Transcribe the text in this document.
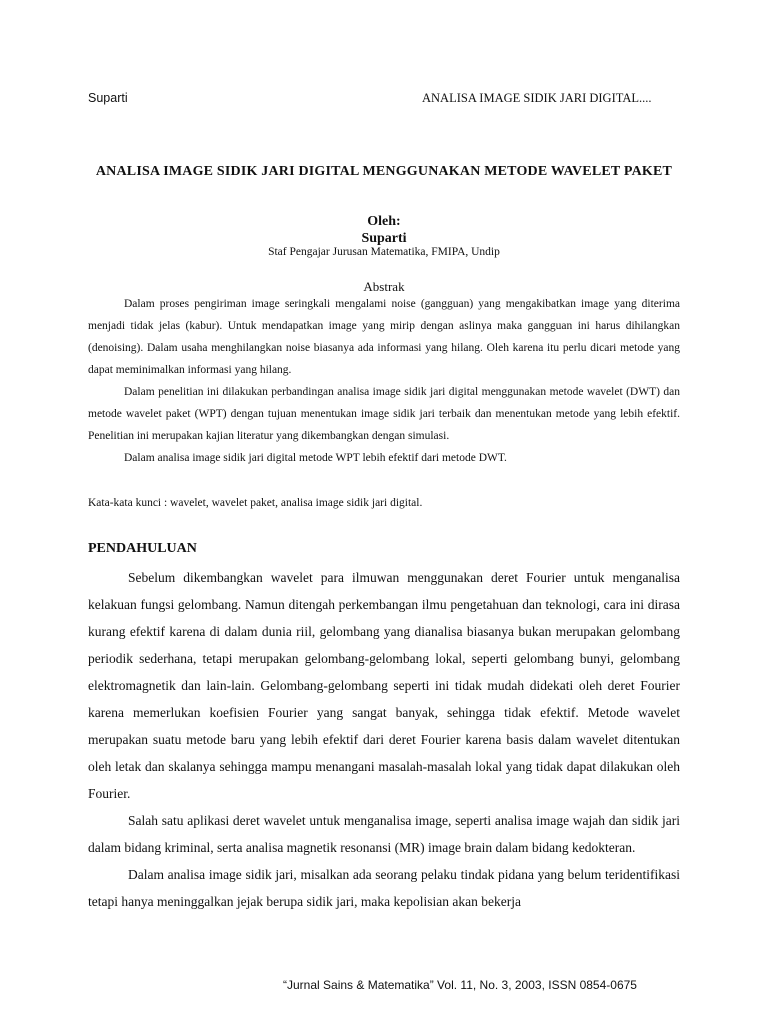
Suparti	ANALISA IMAGE SIDIK JARI DIGITAL....
ANALISA IMAGE SIDIK JARI DIGITAL MENGGUNAKAN METODE WAVELET PAKET
Oleh:
Suparti
Staf Pengajar Jurusan Matematika, FMIPA, Undip
Abstrak

Dalam proses pengiriman image seringkali mengalami noise (gangguan) yang mengakibatkan image yang diterima menjadi tidak jelas (kabur). Untuk mendapatkan image yang mirip dengan aslinya maka gangguan ini harus dihilangkan (denoising). Dalam usaha menghilangkan noise biasanya ada informasi yang hilang. Oleh karena itu perlu dicari metode yang dapat meminimalkan informasi yang hilang.

Dalam penelitian ini dilakukan perbandingan analisa image sidik jari digital menggunakan metode wavelet (DWT) dan metode wavelet paket (WPT) dengan tujuan menentukan image sidik jari terbaik dan menentukan metode yang lebih efektif. Penelitian ini merupakan kajian literatur yang dikembangkan dengan simulasi.

Dalam analisa image sidik jari digital metode WPT lebih efektif dari metode DWT.

Kata-kata kunci : wavelet, wavelet paket, analisa image sidik jari digital.
PENDAHULUAN

Sebelum dikembangkan wavelet para ilmuwan menggunakan deret Fourier untuk menganalisa kelakuan fungsi gelombang. Namun ditengah perkembangan ilmu pengetahuan dan teknologi, cara ini dirasa kurang efektif karena di dalam dunia riil, gelombang yang dianalisa biasanya bukan merupakan gelombang periodik sederhana, tetapi merupakan gelombang-gelombang lokal, seperti gelombang bunyi, gelombang elektromagnetik dan lain-lain. Gelombang-gelombang seperti ini tidak mudah didekati oleh deret Fourier karena memerlukan koefisien Fourier yang sangat banyak, sehingga tidak efektif. Metode wavelet merupakan suatu metode baru yang lebih efektif dari deret Fourier karena basis dalam wavelet ditentukan oleh letak dan skalanya sehingga mampu menangani masalah-masalah lokal yang tidak dapat dilakukan oleh Fourier.

Salah satu aplikasi deret wavelet untuk menganalisa image, seperti analisa image wajah dan sidik jari dalam bidang kriminal, serta analisa magnetik resonansi (MR) image brain dalam bidang kedokteran.

Dalam analisa image sidik jari, misalkan ada seorang pelaku tindak pidana yang belum teridentifikasi tetapi hanya meninggalkan jejak berupa sidik jari, maka kepolisian akan bekerja

“Jurnal Sains & Matematika” Vol. 11, No. 3, 2003, ISSN 0854-0675
